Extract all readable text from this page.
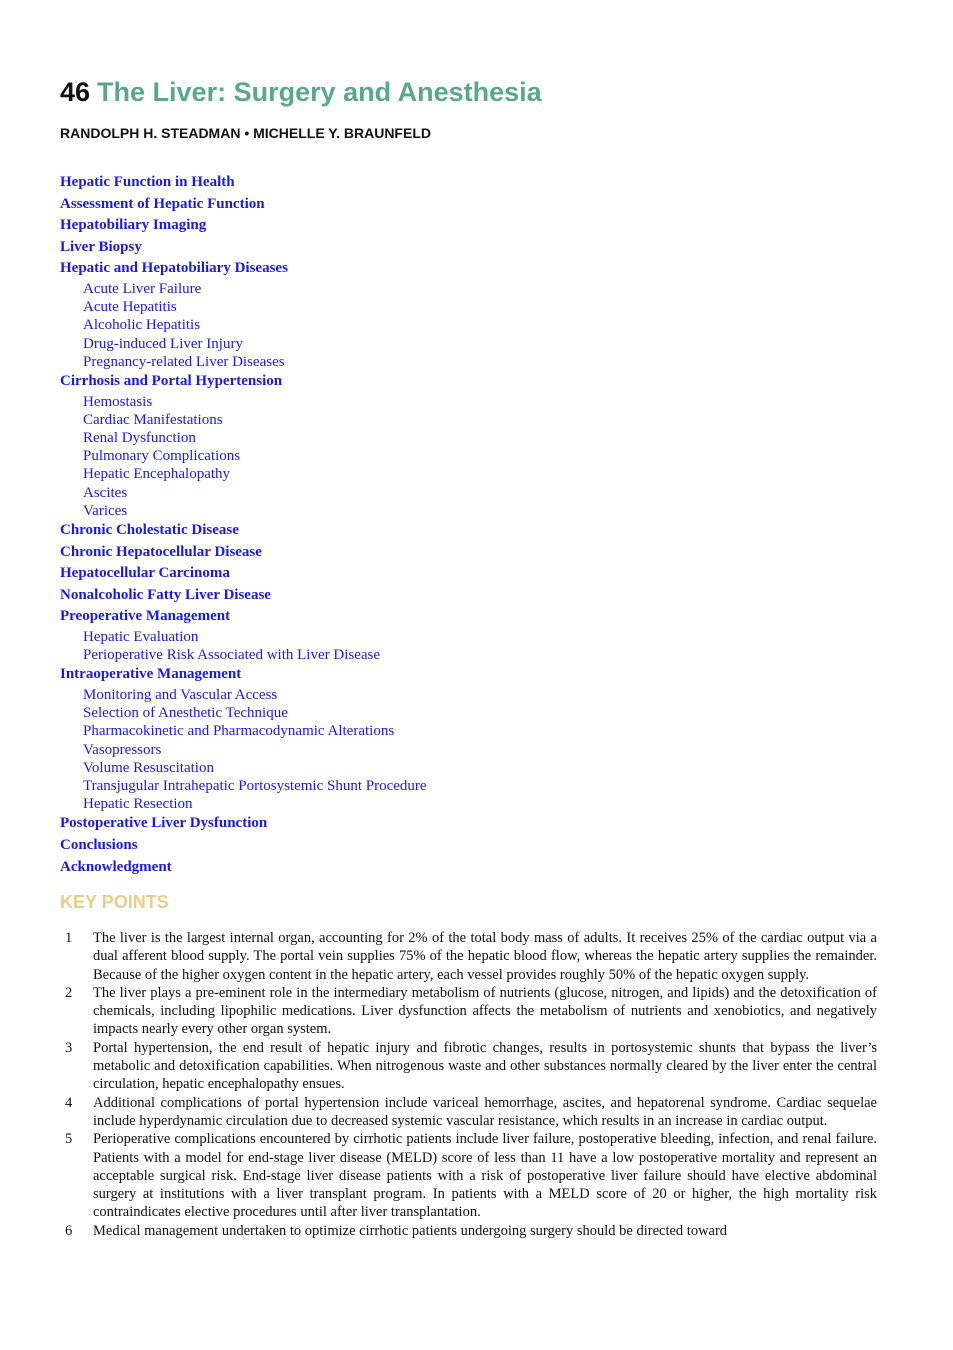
46 The Liver: Surgery and Anesthesia
RANDOLPH H. STEADMAN • MICHELLE Y. BRAUNFELD
Hepatic Function in Health
Assessment of Hepatic Function
Hepatobiliary Imaging
Liver Biopsy
Hepatic and Hepatobiliary Diseases
Acute Liver Failure
Acute Hepatitis
Alcoholic Hepatitis
Drug-induced Liver Injury
Pregnancy-related Liver Diseases
Cirrhosis and Portal Hypertension
Hemostasis
Cardiac Manifestations
Renal Dysfunction
Pulmonary Complications
Hepatic Encephalopathy
Ascites
Varices
Chronic Cholestatic Disease
Chronic Hepatocellular Disease
Hepatocellular Carcinoma
Nonalcoholic Fatty Liver Disease
Preoperative Management
Hepatic Evaluation
Perioperative Risk Associated with Liver Disease
Intraoperative Management
Monitoring and Vascular Access
Selection of Anesthetic Technique
Pharmacokinetic and Pharmacodynamic Alterations
Vasopressors
Volume Resuscitation
Transjugular Intrahepatic Portosystemic Shunt Procedure
Hepatic Resection
Postoperative Liver Dysfunction
Conclusions
Acknowledgment
KEY POINTS
1 The liver is the largest internal organ, accounting for 2% of the total body mass of adults. It receives 25% of the cardiac output via a dual afferent blood supply. The portal vein supplies 75% of the hepatic blood flow, whereas the hepatic artery supplies the remainder. Because of the higher oxygen content in the hepatic artery, each vessel provides roughly 50% of the hepatic oxygen supply.

2 The liver plays a pre-eminent role in the intermediary metabolism of nutrients (glucose, nitrogen, and lipids) and the detoxification of chemicals, including lipophilic medications. Liver dysfunction affects the metabolism of nutrients and xenobiotics, and negatively impacts nearly every other organ system.

3 Portal hypertension, the end result of hepatic injury and fibrotic changes, results in portosystemic shunts that bypass the liver’s metabolic and detoxification capabilities. When nitrogenous waste and other substances normally cleared by the liver enter the central circulation, hepatic encephalopathy ensues.

4 Additional complications of portal hypertension include variceal hemorrhage, ascites, and hepatorenal syndrome. Cardiac sequelae include hyperdynamic circulation due to decreased systemic vascular resistance, which results in an increase in cardiac output.

5 Perioperative complications encountered by cirrhotic patients include liver failure, postoperative bleeding, infection, and renal failure. Patients with a model for end-stage liver disease (MELD) score of less than 11 have a low postoperative mortality and represent an acceptable surgical risk. End-stage liver disease patients with a risk of postoperative liver failure should have elective abdominal surgery at institutions with a liver transplant program. In patients with a MELD score of 20 or higher, the high mortality risk contraindicates elective procedures until after liver transplantation.

6 Medical management undertaken to optimize cirrhotic patients undergoing surgery should be directed toward
